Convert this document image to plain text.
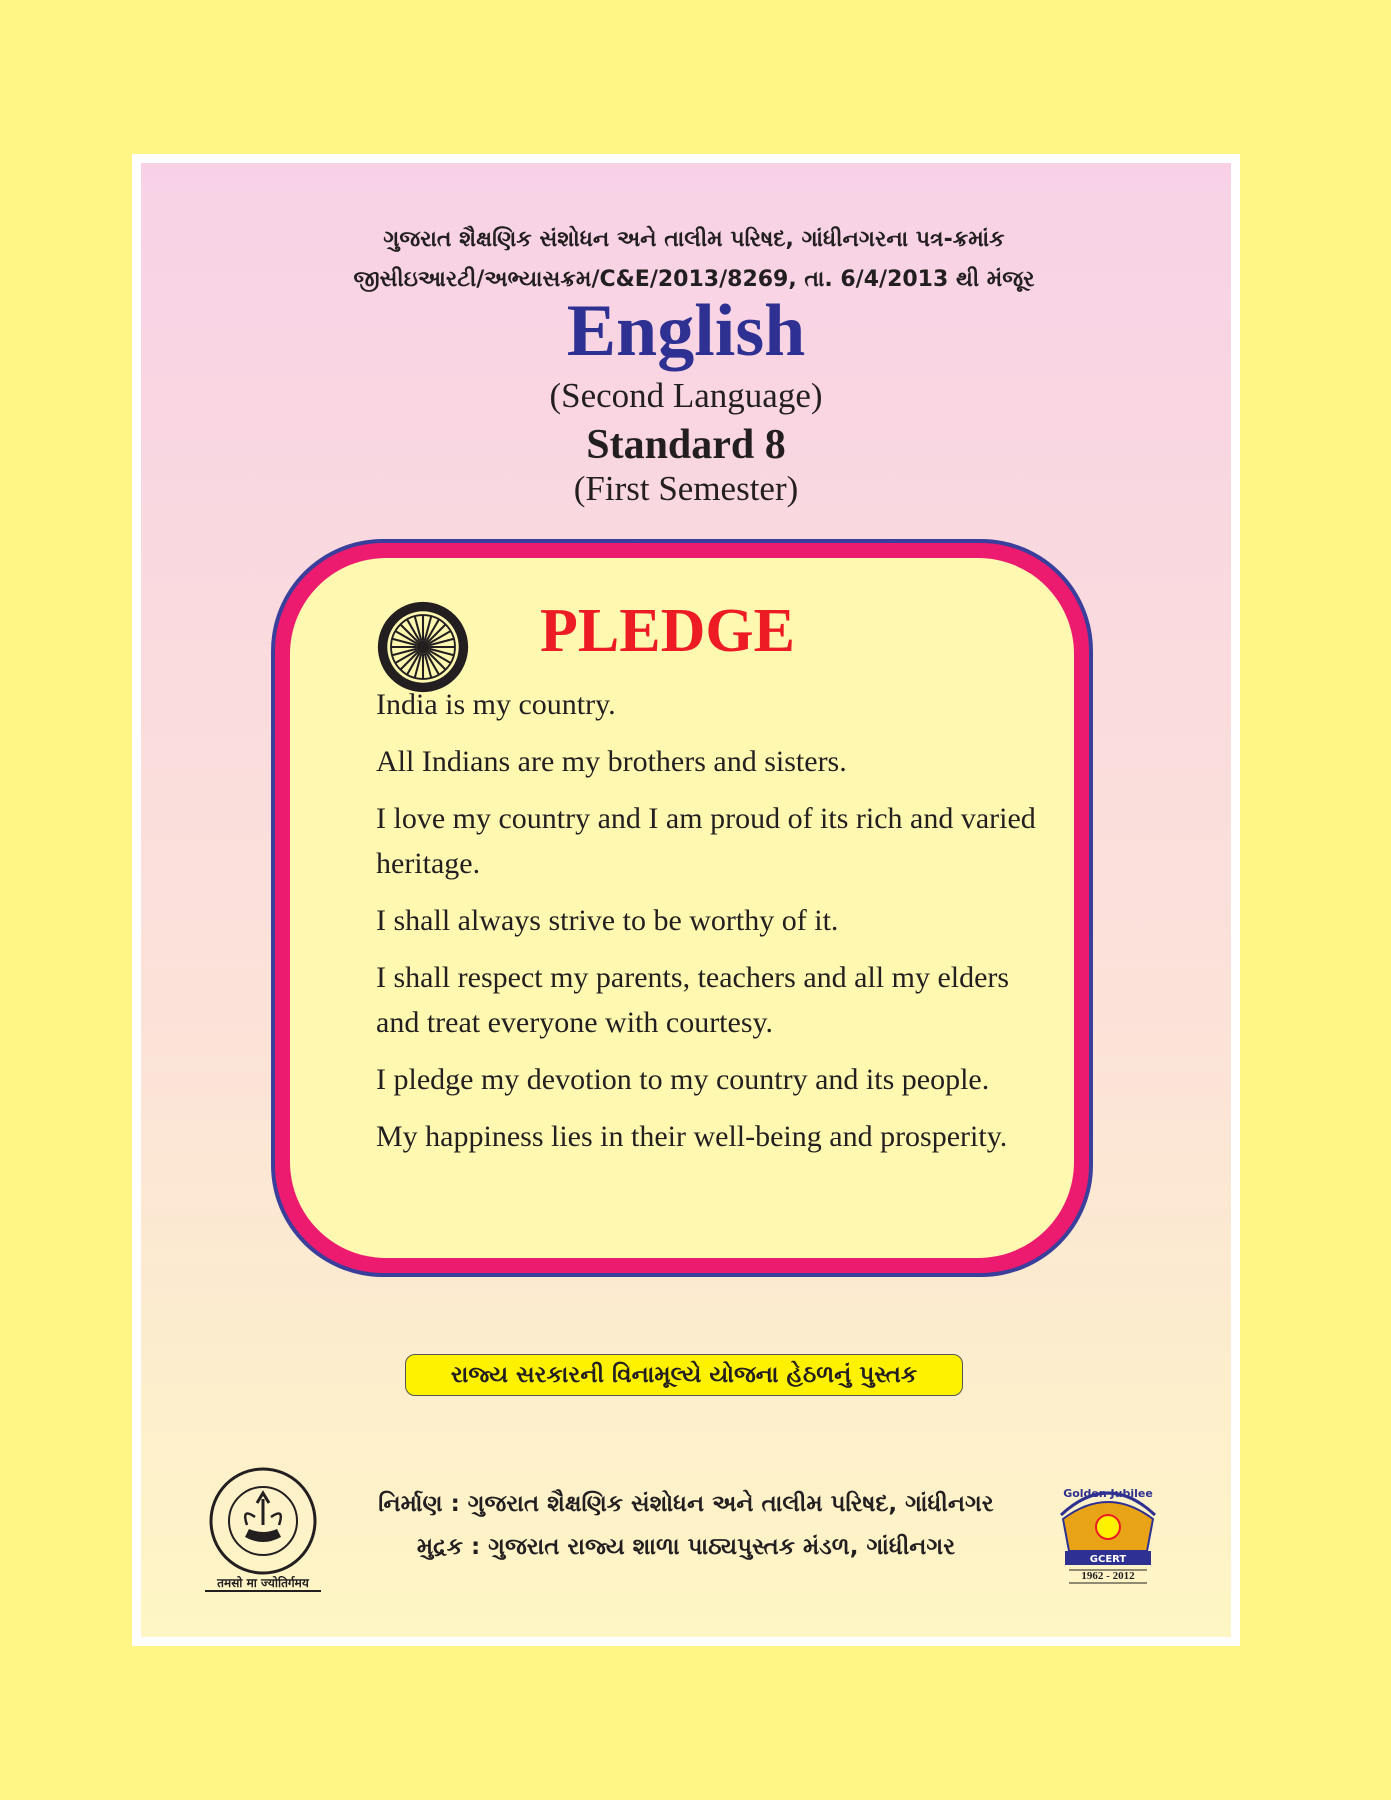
ગુજરાત શૈક્ષણિક સંશોધન અને તાલીમ પરિષદ, ગાંધીનગરના પત્ર-ક્રમાંક
જીસીઇઆરટી/અભ્યાસક્રમ/C&E/2013/8269, તા. 6/4/2013 થી મંજૂર
English
(Second Language)
Standard 8
(First Semester)
PLEDGE
India is my country.
All Indians are my brothers and sisters.
I love my country and I am proud of its rich and varied heritage.
I shall always strive to be worthy of it.
I shall respect my parents, teachers and all my elders and treat everyone with courtesy.
I pledge my devotion to my country and its people.
My happiness lies in their well-being and prosperity.
રાજ્ય સરકારની વિનામૂલ્યે યોજના હેઠળનું પુસ્તક
तमसो मा ज्योतिर्गमय
નિર્માણ : ગુજરાત શૈક્ષણિક સંશોધન અને તાલીમ પરિષદ, ગાંધીનગર
મુદ્રક : ગુજરાત રાજ્ય શાળા પાઠ્યપુસ્તક મંડળ, ગાંધીનગર
Golden Jubilee
GCERT
1962 - 2012
